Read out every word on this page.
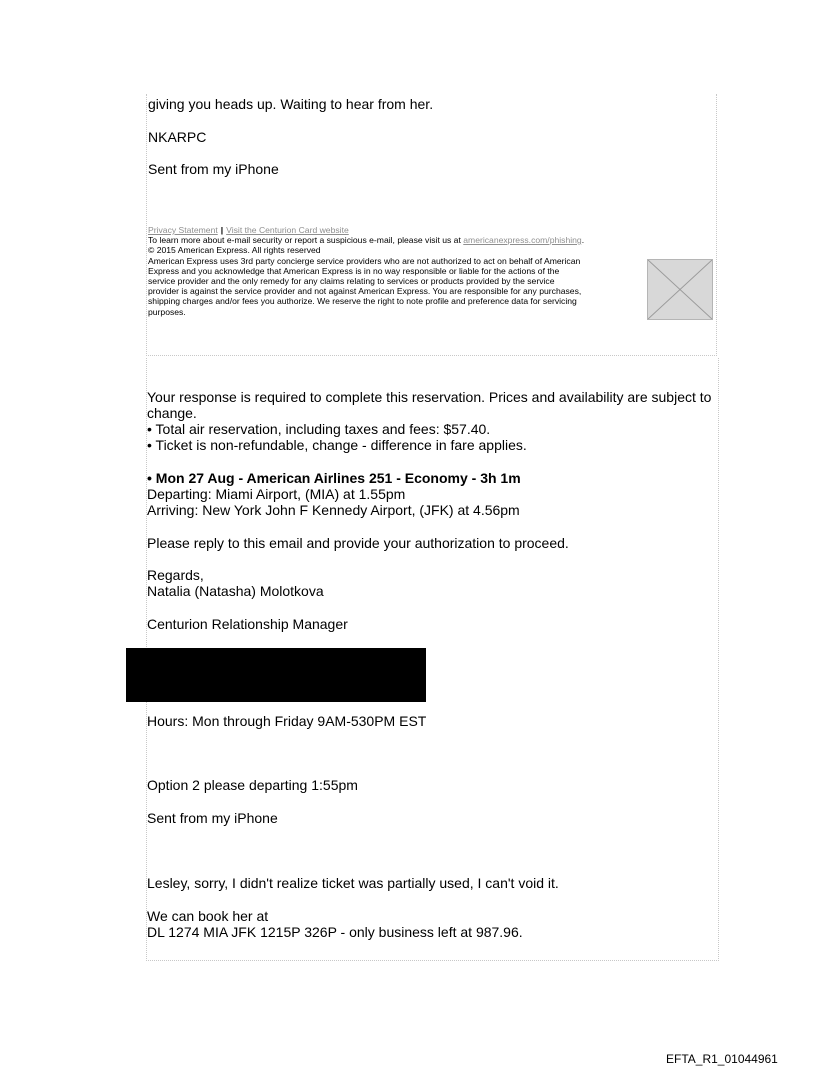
giving you heads up. Waiting to hear from her.
NKARPC
Sent from my iPhone
Privacy Statement | Visit the Centurion Card website
To learn more about e-mail security or report a suspicious e-mail, please visit us at americanexpress.com/phishing.
© 2015 American Express. All rights reserved
American Express uses 3rd party concierge service providers who are not authorized to act on behalf of American
Express and you acknowledge that American Express is in no way responsible or liable for the actions of the
service provider and the only remedy for any claims relating to services or products provided by the service
provider is against the service provider and not against American Express. You are responsible for any purchases,
shipping charges and/or fees you authorize. We reserve the right to note profile and preference data for servicing
purposes.
Your response is required to complete this reservation. Prices and availability are subject to
change.
• Total air reservation, including taxes and fees: $57.40.
• Ticket is non-refundable, change - difference in fare applies.
• Mon 27 Aug - American Airlines 251 - Economy - 3h 1m
Departing: Miami Airport, (MIA) at 1.55pm
Arriving: New York John F Kennedy Airport, (JFK) at 4.56pm
Please reply to this email and provide your authorization to proceed.
Regards,
Natalia (Natasha) Molotkova
Centurion Relationship Manager
Hours: Mon through Friday 9AM-530PM EST
Option 2 please departing 1:55pm
Sent from my iPhone
Lesley, sorry, I didn't realize ticket was partially used, I can't void it.
We can book her at
DL 1274 MIA JFK 1215P 326P - only business left at 987.96.
EFTA_R1_01044961
